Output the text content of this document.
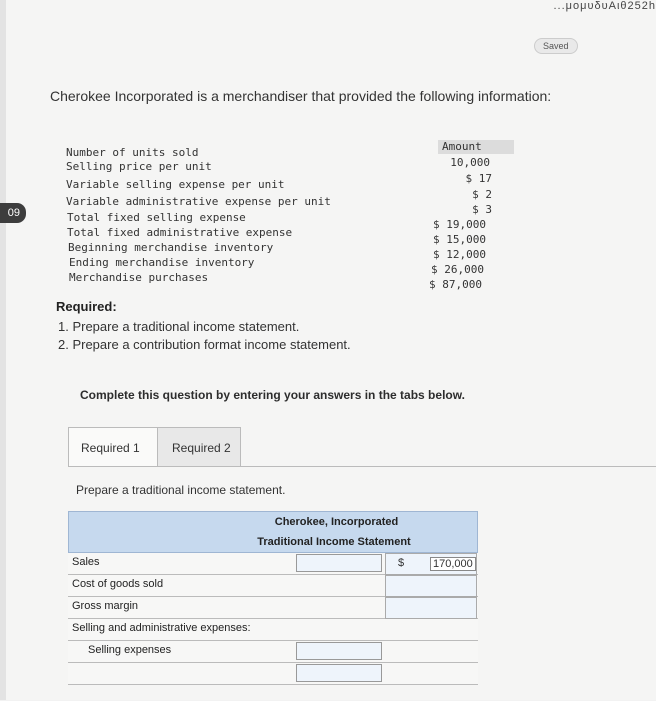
09
...μομυδυΑιθ252h
Saved
Cherokee Incorporated is a merchandiser that provided the following information:
Number of units sold
Selling price per unit
Variable selling expense per unit
Variable administrative expense per unit
Total fixed selling expense
Total fixed administrative expense
Beginning merchandise inventory
Ending merchandise inventory
Merchandise purchases
Amount
10,000
$ 17
$ 2
$ 3
$ 19,000
$ 15,000
$ 12,000
$ 26,000
$ 87,000
Required:
1. Prepare a traditional income statement.
2. Prepare a contribution format income statement.
Complete this question by entering your answers in the tabs below.
Required 1	Required 2
Prepare a traditional income statement.
Cherokee, Incorporated
Traditional Income Statement
Sales
Cost of goods sold
Gross margin
Selling and administrative expenses:
Selling expenses
$	170,000
